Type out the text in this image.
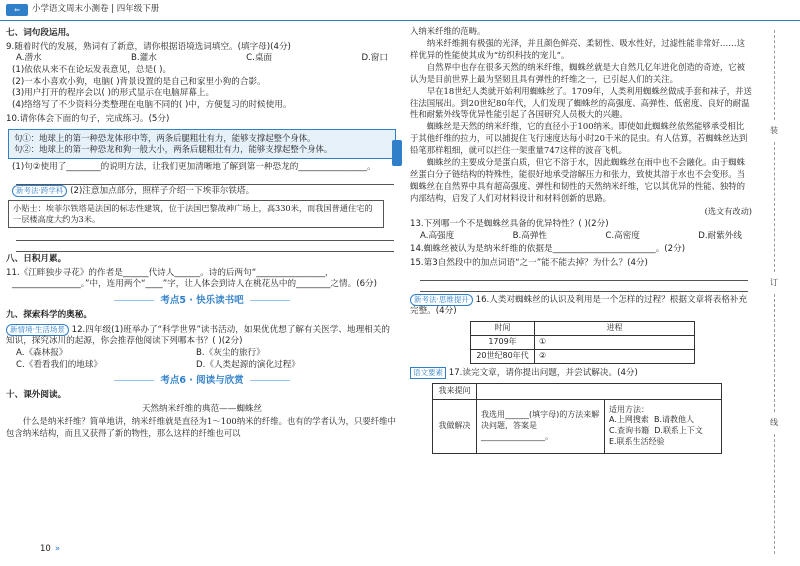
⇐	小学语文周末小测卷 | 四年级下册
七、词句段运用。
9.随着时代的发展，熟词有了新意，请你根据语境选词填空。(填字母)(4分)
A.潜水	B.灌水	C.桌面	D.窗口
(1)依依从来不在论坛发表意见，总是( )。
(2)一本小喜欢小狗，电脑( )背景设置的是自己和家里小狗的合影。
(3)用户打开的程序会以( )的形式显示在电脑屏幕上。
(4)络络写了不少资料分类整理在电脑不同的( )中，方便复习的时候使用。
10.请你体会下面的句子，完成练习。(5分)
句①：地球上的第一种恐龙体形中等，两条后腿粗壮有力，能够支撑起整个身体。
句②：地球上的第一种恐龙和狗一般大小，两条后腿粗壮有力，能够支撑起整个身体。
(1)句②使用了________的说明方法，让我们更加清晰地了解到第一种恐龙的________________。
新考法·跨学科 (2)注意加点部分，照样子介绍一下埃菲尔铁塔。
小贴士：埃菲尔铁塔是法国的标志性建筑，位于法国巴黎战神广场上，高330米，而我国普通住宅的一层楼高度大约为3米。
八、日积月累。
11.《江畔独步寻花》的作者是______代诗人______。诗的后两句“________________，
________________。”中，连用两个“____”字，让人体会到诗人在桃花丛中的________之情。(6分)
考点5 · 快乐读书吧
九、探索科学的奥秘。
新情境·生活场景 12.四年级(1)班举办了“科学世界”读书活动，如果优优想了解有关医学、地理相关的知识，探究冰川的起源，你会推荐他阅读下列哪本书？( )(2分)
A.《森林报》	B.《灰尘的旅行》
C.《看看我们的地球》	D.《人类起源的演化过程》
考点6 · 阅读与欣赏
十、课外阅读。
天然纳米纤维的典范——蜘蛛丝
什么是纳米纤维？简单地讲，纳米纤维就是直径为1～100纳米的纤维。也有的学者认为，只要纤维中包含纳米结构，而且又获得了新的物性，那么这样的纤维也可以
入纳米纤维的范畴。
纳米纤维拥有极强的光泽，并且颜色鲜亮、柔韧性、吸水性好，过滤性能非常好……这样优异的性能使其成为“纺织科技的宠儿”。
自然界中也存在很多天然的纳米纤维，蜘蛛丝就是大自然几亿年进化创造的奇迹，它被认为是目前世界上最为坚韧且具有弹性的纤维之一，已引起人们的关注。
早在18世纪人类就开始利用蜘蛛丝了。1709年，人类利用蜘蛛丝做成手套和袜子，并送往法国展出。到20世纪80年代，人们发现了蜘蛛丝的高强度、高弹性、低密度、良好的耐温性和耐紫外线等优异性能引起了各国研究人员极大的兴趣。
蜘蛛丝是天然的纳米纤维，它的直径小于100纳米。即使如此蜘蛛丝依然能够承受相比于其他纤维的拉力，可以捕捉住飞行速度达每小时20千米的昆虫。有人估算，若蜘蛛丝达到铅笔那样粗细，就可以拦住一架重量747这样的波音飞机。
蜘蛛丝的主要成分是蛋白质，但它不溶于水，因此蜘蛛丝在雨中也不会融化。由于蜘蛛丝蛋白分子链结构的特殊性，能很好地承受溶解压力和张力，致使其溶于水也不会变形。当蜘蛛丝在自然界中具有超高强度、弹性和韧性的天然纳米纤维，它以其优异的性能、独特的内部结构，启发了人们对材料设计和材料创新的思路。
(选文有改动)
13.下列哪一个不是蜘蛛丝具备的优异特性？( )(2分)
A.高强度	B.高弹性	C.高密度	D.耐紫外线
14.蜘蛛丝被认为是纳米纤维的依据是________________________。(2分)
15.第3自然段中的加点词语“之一”能不能去掉？为什么？(4分)
新考法·思维提升 16.人类对蜘蛛丝的认识及利用是一个怎样的过程？根据文章将表格补充完整。(4分)
时间	进程
1709年	①
20世纪80年代	②
语文要素 17.读完文章，请你提出问题，并尝试解决。(4分)
我来提问		
我做解决	我选用______(填字母)的方法来解决问题，答案是________________。	适用方法：
A.上网搜索 B.请教他人
C.查询书籍 D.联系上下文
E.联系生活经验
10 »
装
订
线
